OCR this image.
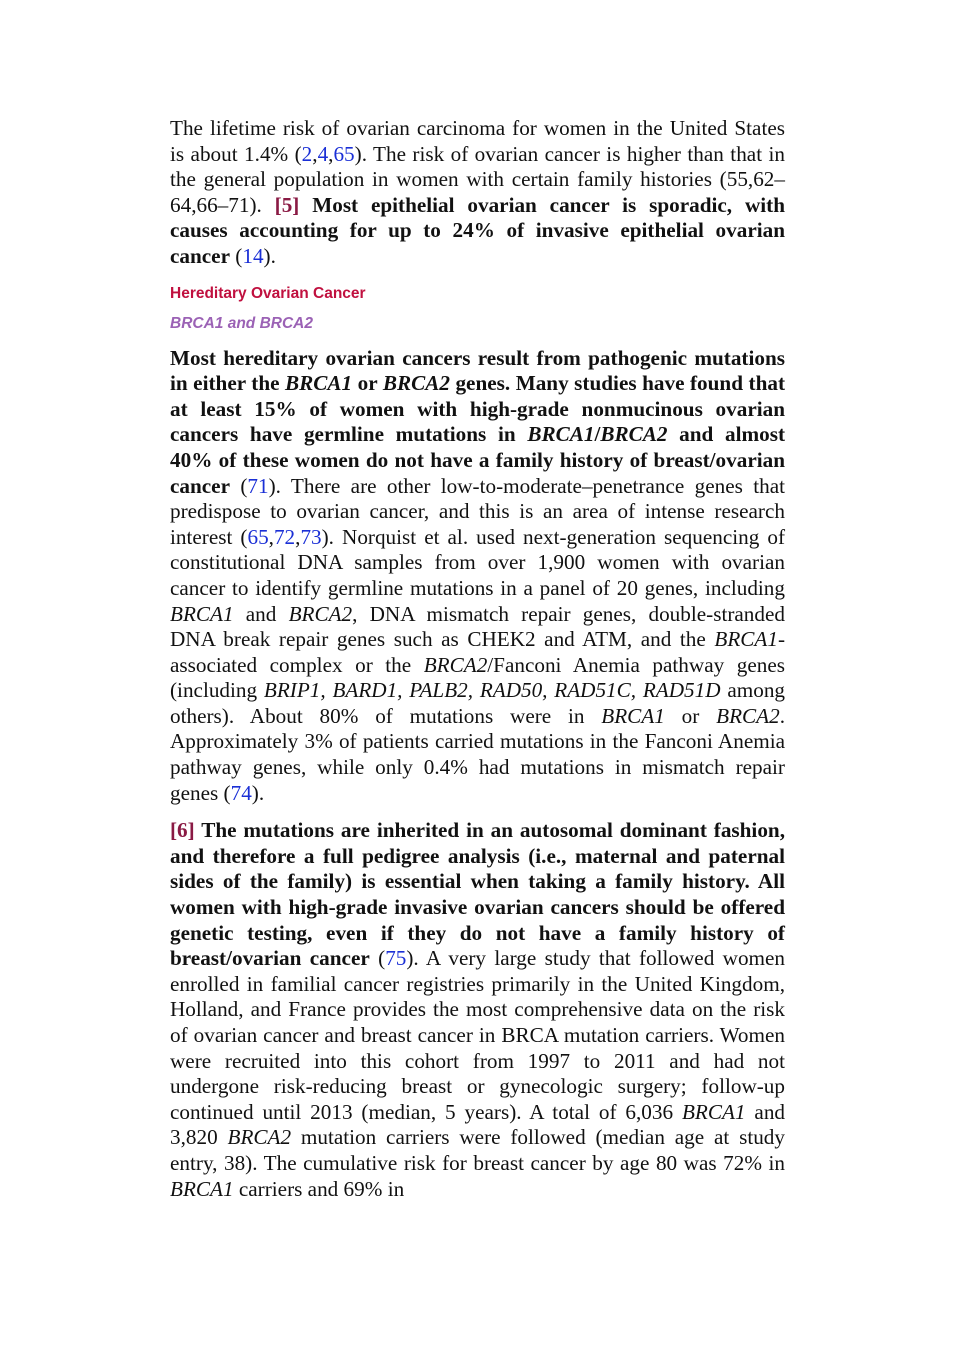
The lifetime risk of ovarian carcinoma for women in the United States is about 1.4% (2,4,65). The risk of ovarian cancer is higher than that in the general population in women with certain family histories (55,62–64,66–71). [5] Most epithelial ovarian cancer is sporadic, with causes accounting for up to 24% of invasive epithelial ovarian cancer (14).

Hereditary Ovarian Cancer
BRCA1 and BRCA2

Most hereditary ovarian cancers result from pathogenic mutations in either the BRCA1 or BRCA2 genes. Many studies have found that at least 15% of women with high-grade nonmucinous ovarian cancers have germline mutations in BRCA1/BRCA2 and almost 40% of these women do not have a family history of breast/ovarian cancer (71). There are other low-to-moderate–penetrance genes that predispose to ovarian cancer, and this is an area of intense research interest (65,72,73). Norquist et al. used next-generation sequencing of constitutional DNA samples from over 1,900 women with ovarian cancer to identify germline mutations in a panel of 20 genes, including BRCA1 and BRCA2, DNA mismatch repair genes, double-stranded DNA break repair genes such as CHEK2 and ATM, and the BRCA1-associated complex or the BRCA2/Fanconi Anemia pathway genes (including BRIP1, BARD1, PALB2, RAD50, RAD51C, RAD51D among others). About 80% of mutations were in BRCA1 or BRCA2. Approximately 3% of patients carried mutations in the Fanconi Anemia pathway genes, while only 0.4% had mutations in mismatch repair genes (74).

[6] The mutations are inherited in an autosomal dominant fashion, and therefore a full pedigree analysis (i.e., maternal and paternal sides of the family) is essential when taking a family history. All women with high-grade invasive ovarian cancers should be offered genetic testing, even if they do not have a family history of breast/ovarian cancer (75). A very large study that followed women enrolled in familial cancer registries primarily in the United Kingdom, Holland, and France provides the most comprehensive data on the risk of ovarian cancer and breast cancer in BRCA mutation carriers. Women were recruited into this cohort from 1997 to 2011 and had not undergone risk-reducing breast or gynecologic surgery; follow-up continued until 2013 (median, 5 years). A total of 6,036 BRCA1 and 3,820 BRCA2 mutation carriers were followed (median age at study entry, 38). The cumulative risk for breast cancer by age 80 was 72% in BRCA1 carriers and 69% in
